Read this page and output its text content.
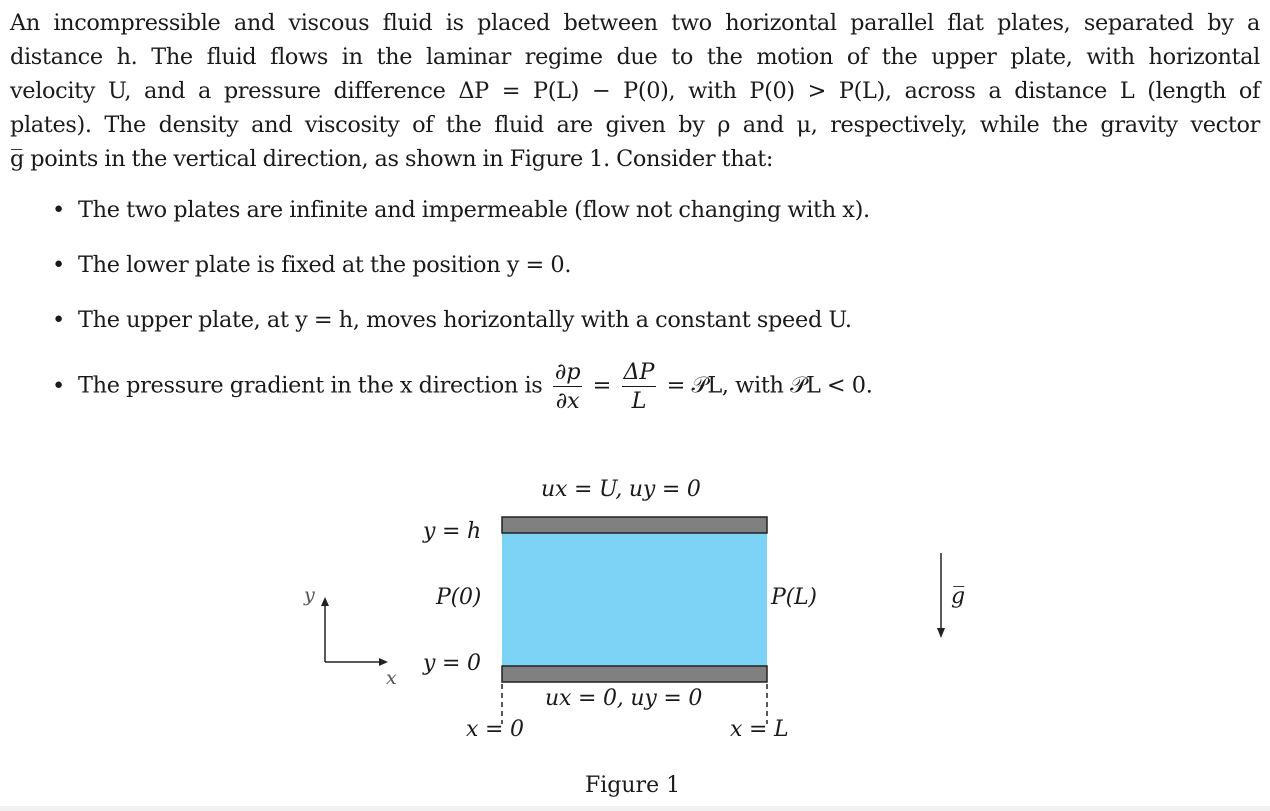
An incompressible and viscous fluid is placed between two horizontal parallel flat plates, separated by a
distance h. The fluid flows in the laminar regime due to the motion of the upper plate, with horizontal
velocity U, and a pressure difference ΔP = P(L) − P(0), with P(0) > P(L), across a distance L (length of
plates). The density and viscosity of the fluid are given by ρ and μ, respectively, while the gravity vector
g̅ points in the vertical direction, as shown in Figure 1. Consider that:

• The two plates are infinite and impermeable (flow not changing with x).
• The lower plate is fixed at the position y = 0.
• The upper plate, at y = h, moves horizontally with a constant speed U.
• The pressure gradient in the x direction is $\frac{\partial p}{\partial x} = \frac{\Delta P}{L}$ = 𝒫L, with 𝒫L < 0.
ux = U, uy = 0
y = h
P(0)	P(L)
y = 0
ux = 0, uy = 0
x = 0	x = L
y
x
g̅
Figure 1
